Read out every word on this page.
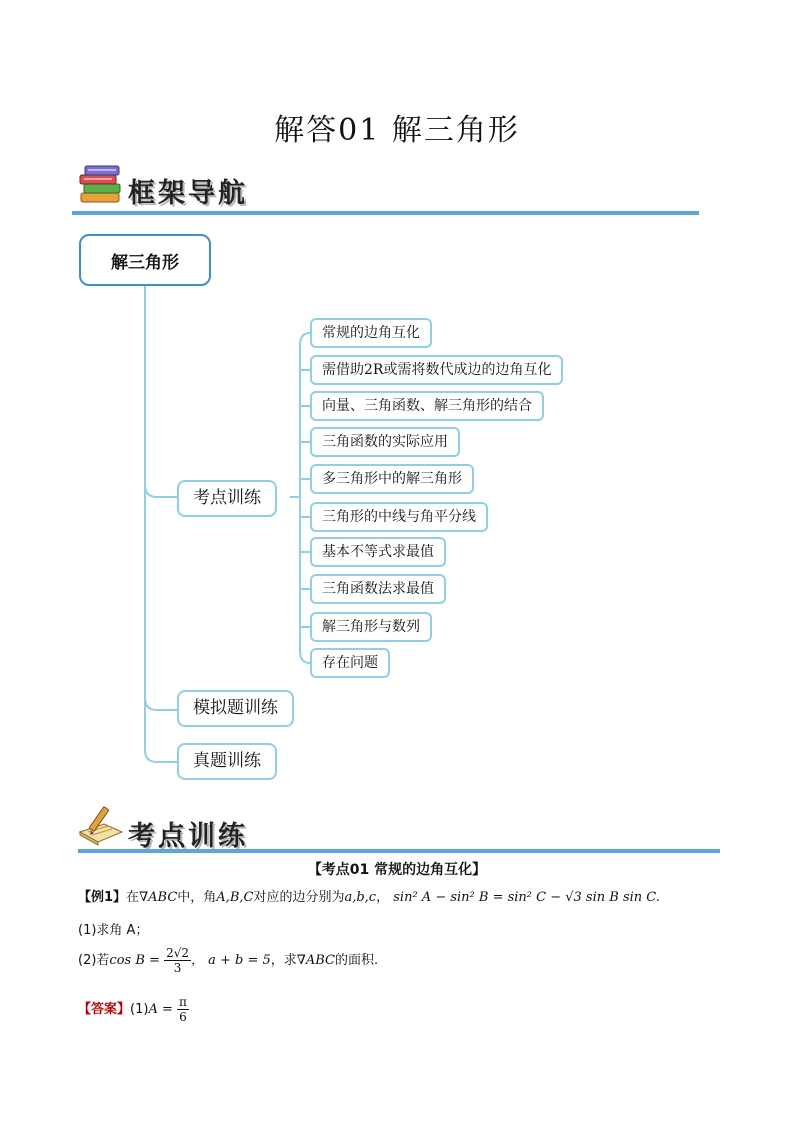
解答01 解三角形
框架导航
解三角形
考点训练
模拟题训练
真题训练
常规的边角互化
需借助2R或需将数代成边的边角互化
向量、三角函数、解三角形的结合
三角函数的实际应用
多三角形中的解三角形
三角形的中线与角平分线
基本不等式求最值
三角函数法求最值
解三角形与数列
存在问题
考点训练
【考点01 常规的边角互化】
【例1】在∇ABC中，角A,B,C对应的边分别为a,b,c， sin² A − sin² B = sin² C − √3 sin B sin C.
(1)求角 A；
(2)若$\cos B = \frac{2√2}{3}$ ， a + b = 5，求∇ABC的面积.
【答案】$(1)A = \frac{\pi}{6}$
